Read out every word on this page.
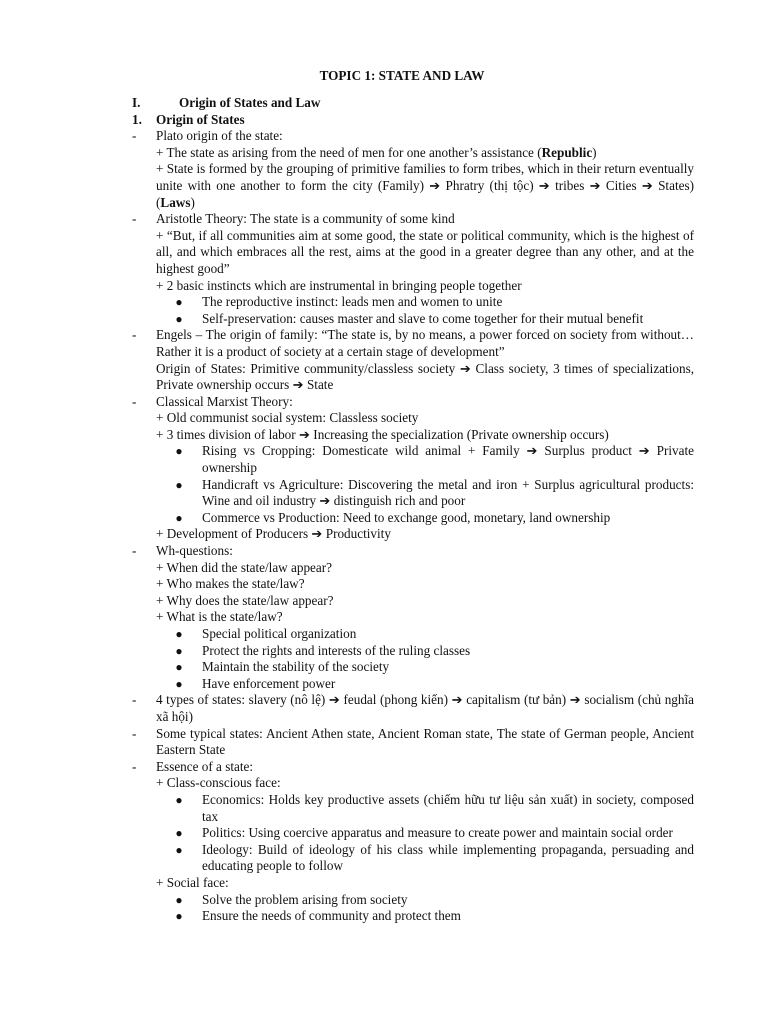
TOPIC 1: STATE AND LAW
I.	Origin of States and Law
1.	Origin of States
-	Plato origin of the state:
+ The state as arising from the need of men for one another’s assistance (Republic)
+ State is formed by the grouping of primitive families to form tribes, which in their return eventually unite with one another to form the city (Family) ➔ Phratry (thị tộc) ➔ tribes ➔ Cities ➔ States) (Laws)
-	Aristotle Theory: The state is a community of some kind
+ “But, if all communities aim at some good, the state or political community, which is the highest of all, and which embraces all the rest, aims at the good in a greater degree than any other, and at the highest good”
+ 2 basic instincts which are instrumental in bringing people together
●	The reproductive instinct: leads men and women to unite
●	Self-preservation: causes master and slave to come together for their mutual benefit
-	Engels – The origin of family: “The state is, by no means, a power forced on society from without… Rather it is a product of society at a certain stage of development”
Origin of States: Primitive community/classless society ➔ Class society, 3 times of specializations, Private ownership occurs ➔ State
-	Classical Marxist Theory:
+ Old communist social system: Classless society
+ 3 times division of labor ➔ Increasing the specialization (Private ownership occurs)
●	Rising vs Cropping: Domesticate wild animal + Family ➔ Surplus product ➔ Private ownership
●	Handicraft vs Agriculture: Discovering the metal and iron + Surplus agricultural products: Wine and oil industry ➔ distinguish rich and poor
●	Commerce vs Production: Need to exchange good, monetary, land ownership
+ Development of Producers ➔ Productivity
-	Wh-questions:
+ When did the state/law appear?
+ Who makes the state/law?
+ Why does the state/law appear?
+ What is the state/law?
●	Special political organization
●	Protect the rights and interests of the ruling classes
●	Maintain the stability of the society
●	Have enforcement power
-	4 types of states: slavery (nô lệ) ➔ feudal (phong kiến) ➔ capitalism (tư bản) ➔ socialism (chủ nghĩa xã hội)
-	Some typical states: Ancient Athen state, Ancient Roman state, The state of German people, Ancient Eastern State
-	Essence of a state:
+ Class-conscious face:
●	Economics: Holds key productive assets (chiếm hữu tư liệu sản xuất) in society, composed tax
●	Politics: Using coercive apparatus and measure to create power and maintain social order
●	Ideology: Build of ideology of his class while implementing propaganda, persuading and educating people to follow
+ Social face:
●	Solve the problem arising from society
●	Ensure the needs of community and protect them
